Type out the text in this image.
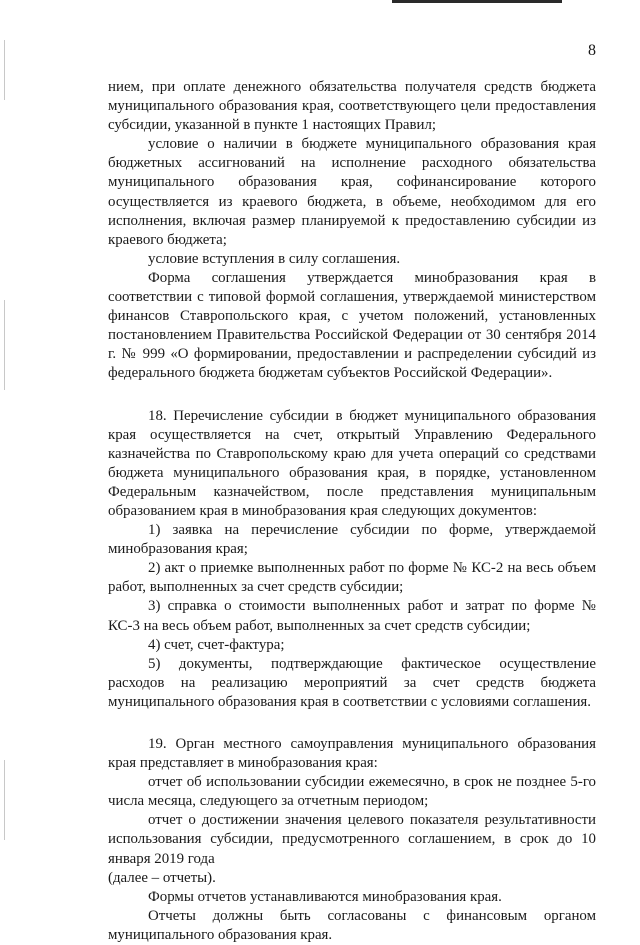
8

нием, при оплате денежного обязательства получателя средств бюджета муниципального образования края, соответствующего цели предоставления субсидии, указанной в пункте 1 настоящих Правил;

условие о наличии в бюджете муниципального образования края бюджетных ассигнований на исполнение расходного обязательства муниципального образования края, софинансирование которого осуществляется из краевого бюджета, в объеме, необходимом для его исполнения, включая размер планируемой к предоставлению субсидии из краевого бюджета;

условие вступления в силу соглашения.

Форма соглашения утверждается минобразования края в соответствии с типовой формой соглашения, утверждаемой министерством финансов Ставропольского края, с учетом положений, установленных постановлением Правительства Российской Федерации от 30 сентября 2014 г. № 999 «О формировании, предоставлении и распределении субсидий из федерального бюджета бюджетам субъектов Российской Федерации».

18. Перечисление субсидии в бюджет муниципального образования края осуществляется на счет, открытый Управлению Федерального казначейства по Ставропольскому краю для учета операций со средствами бюджета муниципального образования края, в порядке, установленном Федеральным казначейством, после представления муниципальным образованием края в минобразования края следующих документов:

1) заявка на перечисление субсидии по форме, утверждаемой минобразования края;

2) акт о приемке выполненных работ по форме № КС-2 на весь объем работ, выполненных за счет средств субсидии;

3) справка о стоимости выполненных работ и затрат по форме № КС-3 на весь объем работ, выполненных за счет средств субсидии;

4) счет, счет-фактура;

5) документы, подтверждающие фактическое осуществление расходов на реализацию мероприятий за счет средств бюджета муниципального образования края в соответствии с условиями соглашения.

19. Орган местного самоуправления муниципального образования края представляет в минобразования края:

отчет об использовании субсидии ежемесячно, в срок не позднее 5-го числа месяца, следующего за отчетным периодом;

отчет о достижении значения целевого показателя результативности использования субсидии, предусмотренного соглашением, в срок до 10 января 2019 года

(далее – отчеты).

Формы отчетов устанавливаются минобразования края.

Отчеты должны быть согласованы с финансовым органом муниципального образования края.
